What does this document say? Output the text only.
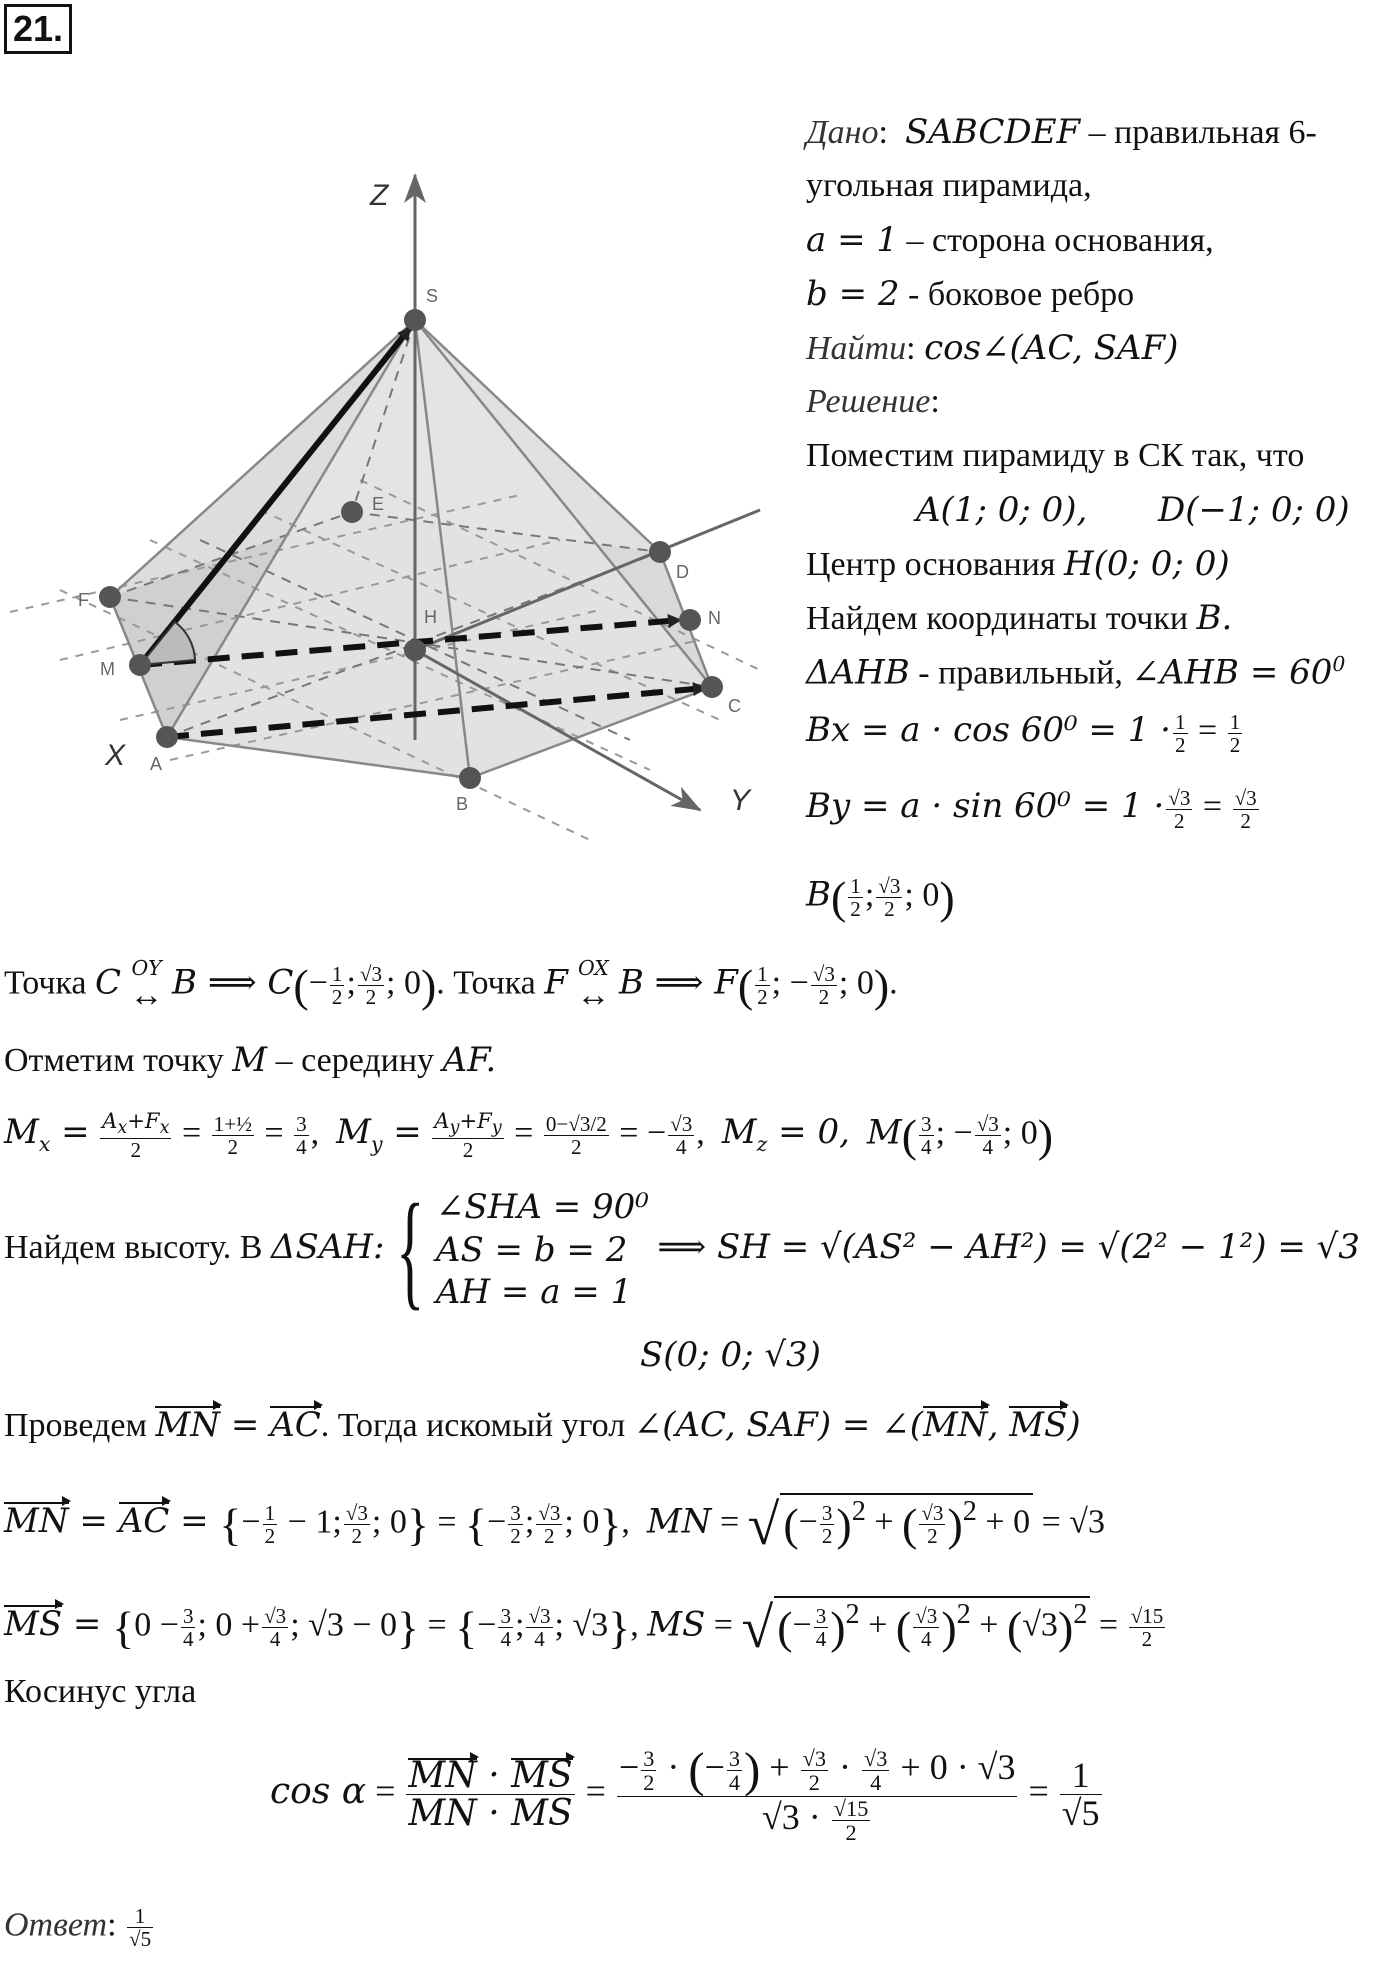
21.
Z
X
Y
S
E
D
F
H	N
M
C
A
B
Дано:  SABCDEF – правильная 6-
угольная пирамида,
a = 1 – сторона основания,
b = 2 - боковое ребро
Найти: cos∠(AC, SAF)
Решение:
Поместим пирамиду в СК так, что
A(1; 0; 0), D(−1; 0; 0)
Центр основания H(0; 0; 0)
Найдем координаты точки B.
ΔAHB - правильный, ∠AHB = $60^0$
$Bx = a \cdot \cos 60^0 = 1 \cdot \frac{1}{2} = \frac{1}{2}$
$By = a \cdot \sin 60^0 = 1 \cdot \frac{√3}{2} = \frac{√3}{2}$
$B( \frac{1}{2}$ ; $\frac{√3}{2}$ ; 0)
Точка C OY
↔ B ⟹ $C(- \frac{1}{2}$ ; $\frac{√3}{2}$ ; 0). Точка F OX
↔ B ⟹ $F( \frac{1}{2}$ ; − $\frac{√3}{2}$ ; 0).
Отметим точку M – середину AF.
$M_x = \frac{A_x+F_x}{2} = \frac{\text{1+½}}{2} = \frac{3}{4}$ ,  $M_y = \frac{A_y+F_y}{2} = \frac{0-√3/2}{2}$ = − $\frac{√3}{4}$ ,  $M_z = 0$, $M( \frac{3}{4}$ ; − $\frac{√3}{4}$ ; 0)
Найдем высоту. В ΔSAH: { ∠SHA = 90⁰
AS = b = 2
AH = a = 1
⟹ SH = √(AS² − AH²) = √(2² − 1²) = √3
S(0; 0; √3)
Проведем MN = AC. Тогда искомый угол ∠(AC, SAF) = ∠(MN, MS)
MN = AC = {− $\frac{1}{2} - 1$; $\frac{√3}{2}$ ; 0} = {− $\frac{3}{2}$ ; $\frac{√3}{2}$ ; 0},  MN = √(− $\frac{3}{2} )^2$ + ( $\frac{√3}{2} )^2 + 0 = √3$
MS = {$0 - \frac{3}{4}$ ; $0 + \frac{√3}{4}$ ; √3 − 0} = {− $\frac{3}{4}$ ; $\frac{√3}{4}$ ; √3}, MS = √(− $\frac{3}{4} )^2$ + ( $\frac{√3}{4} )^2 + (√3)^2 = \frac{√15}{2}$
Косинус угла
$\cos \alpha = \frac{MN \cdot MS}{MN \cdot MS} = \frac{- \frac{3}{2} \cdot (- \frac{3}{4} ) + \frac{√3}{2} \cdot \frac{√3}{4} + 0 \cdot √3}{√3 \cdot \frac{√15}{2}} = \frac{1}{√5}$
Ответ: $\frac{1}{√5}$
